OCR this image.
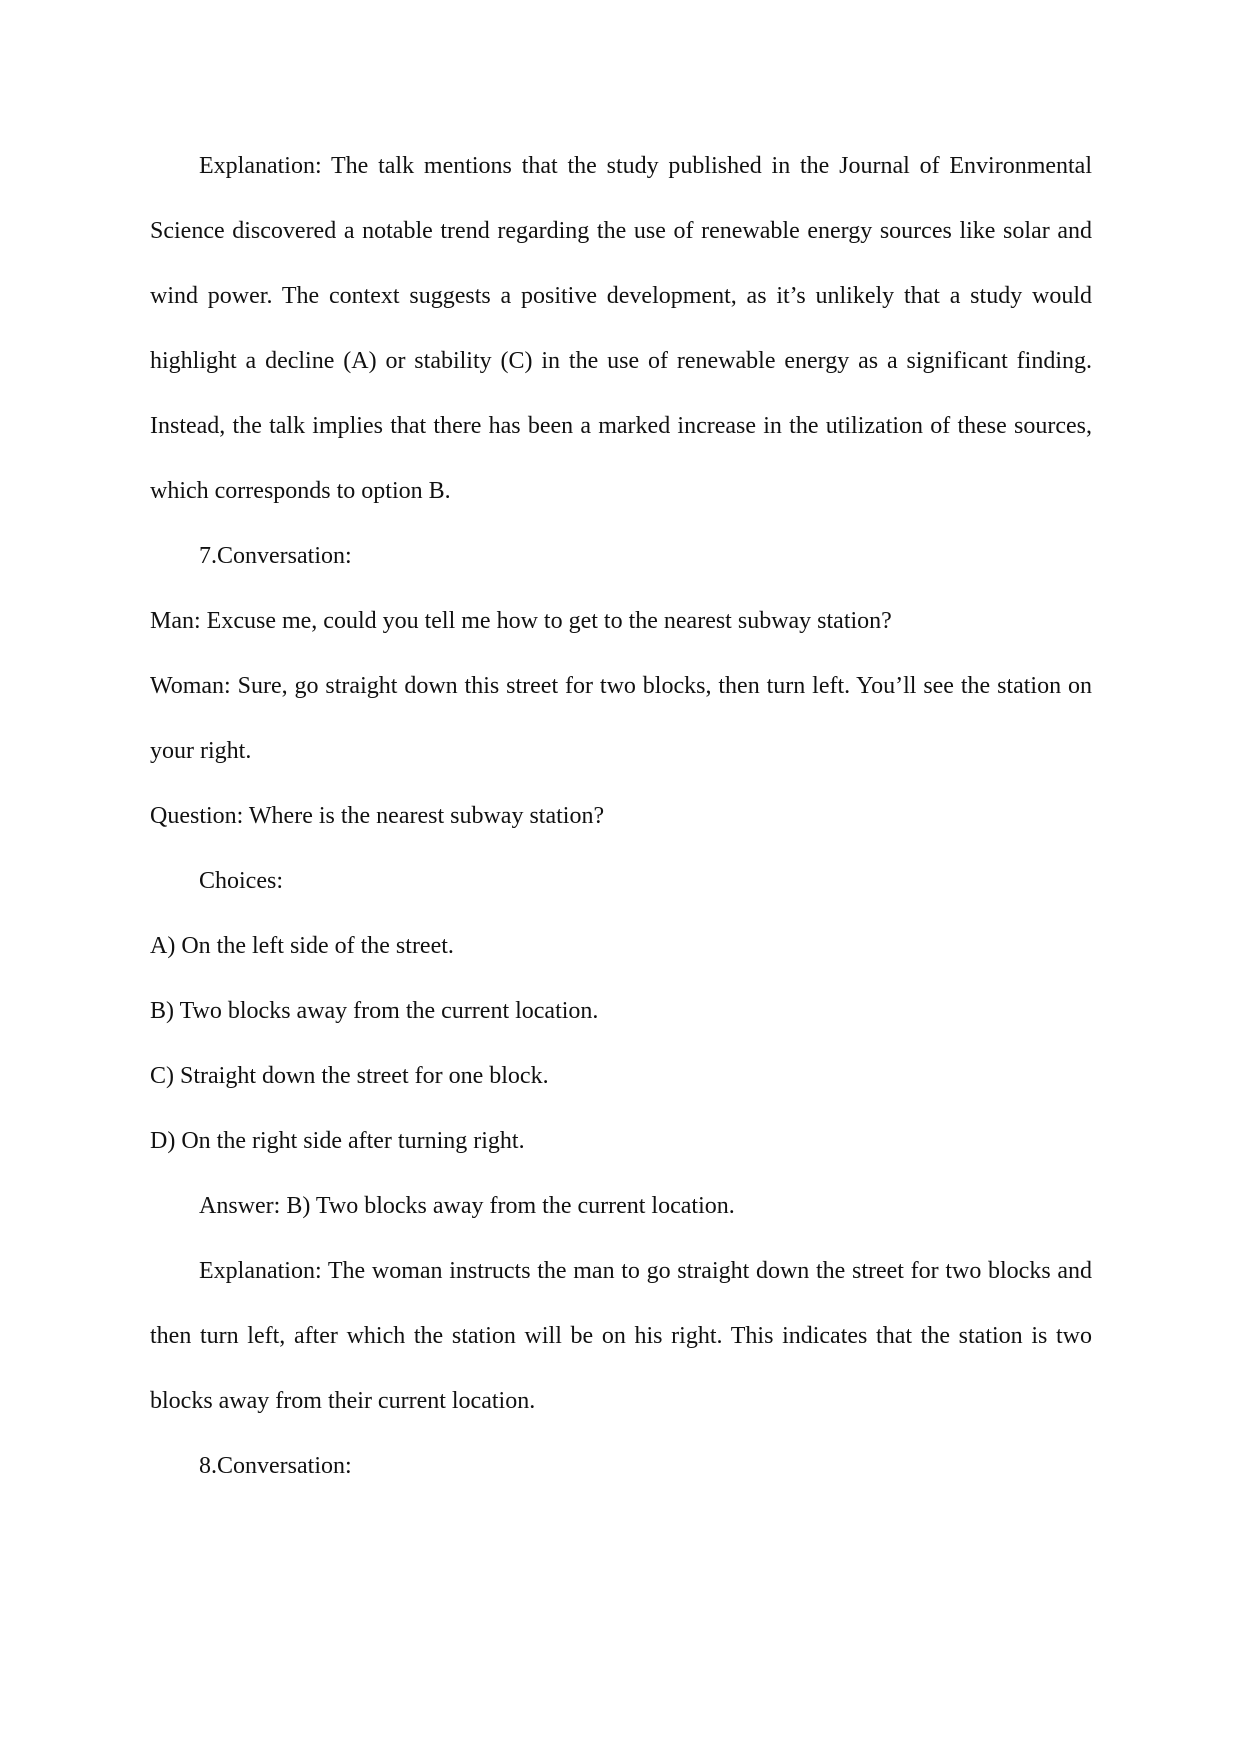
Explanation: The talk mentions that the study published in the Journal of Environmental Science discovered a notable trend regarding the use of renewable energy sources like solar and wind power. The context suggests a positive development, as it’s unlikely that a study would highlight a decline (A) or stability (C) in the use of renewable energy as a significant finding. Instead, the talk implies that there has been a marked increase in the utilization of these sources, which corresponds to option B.

7.Conversation:

Man: Excuse me, could you tell me how to get to the nearest subway station?

Woman: Sure, go straight down this street for two blocks, then turn left. You’ll see the station on your right.

Question: Where is the nearest subway station?

Choices:

A) On the left side of the street.

B) Two blocks away from the current location.

C) Straight down the street for one block.

D) On the right side after turning right.

Answer: B) Two blocks away from the current location.

Explanation: The woman instructs the man to go straight down the street for two blocks and then turn left, after which the station will be on his right. This indicates that the station is two blocks away from their current location.

8.Conversation:
